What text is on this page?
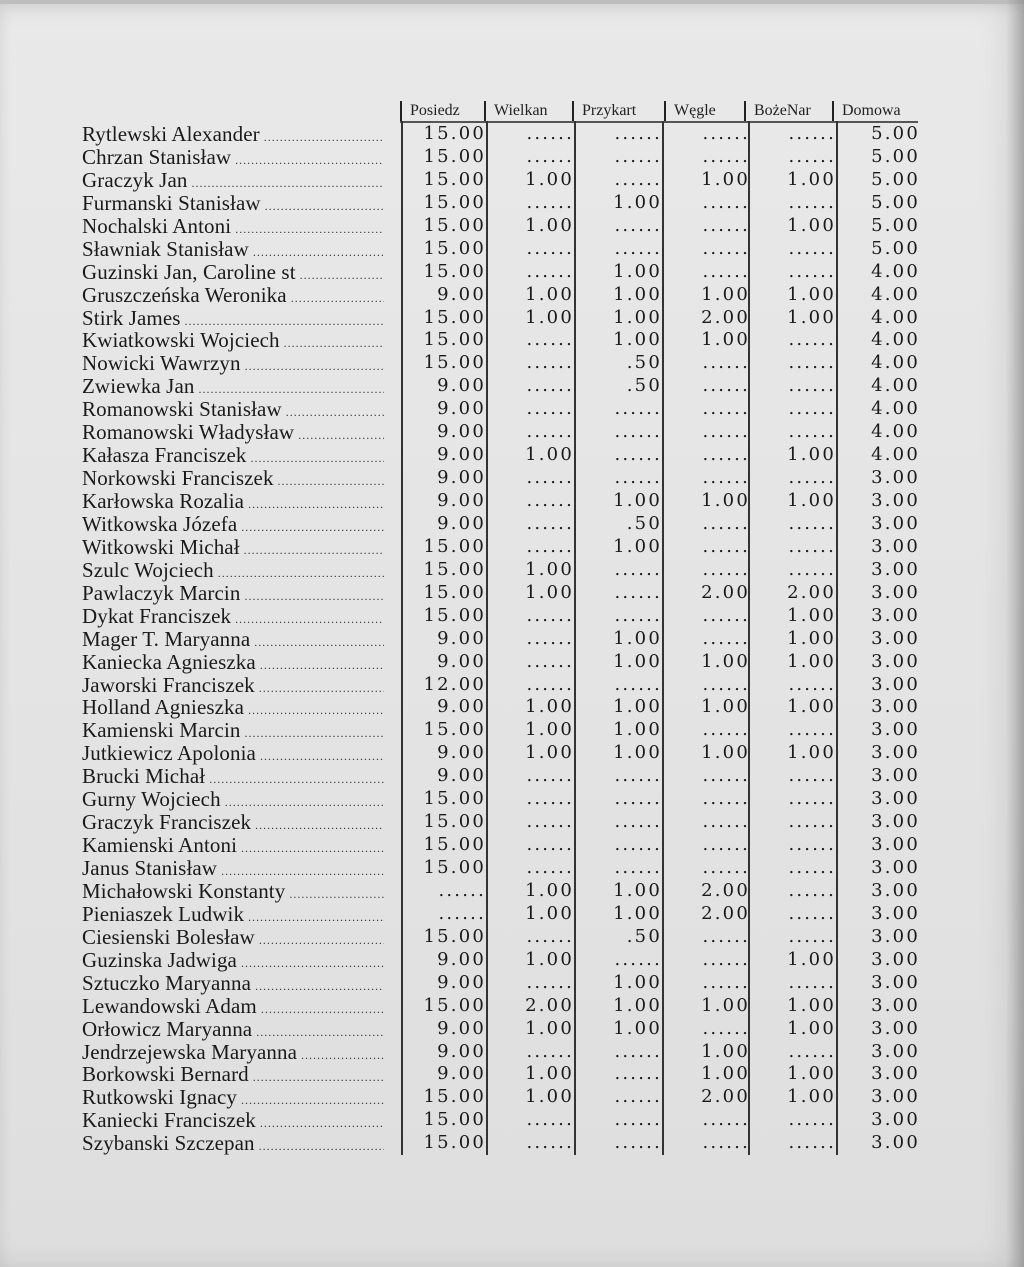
Posiedz	Wielkan	Przykart	Węgle	BożeNar	Domowa
Rytlewski Alexander .....	15.00	......	......	......	......	5.00
Chrzan Stanisław .....	15.00	......	......	......	......	5.00
Graczyk Jan .....	15.00	1.00	......	1.00	1.00	5.00
Furmanski Stanisław .....	15.00	......	1.00	......	......	5.00
Nochalski Antoni .....	15.00	1.00	......	......	1.00	5.00
Sławniak Stanisław .....	15.00	......	......	......	......	5.00
Guzinski Jan, Caroline st .....	15.00	......	1.00	......	......	4.00
Gruszczeńska Weronika .....	9.00	1.00	1.00	1.00	1.00	4.00
Stirk James .....	15.00	1.00	1.00	2.00	1.00	4.00
Kwiatkowski Wojciech .....	15.00	......	1.00	1.00	......	4.00
Nowicki Wawrzyn .....	15.00	......	.50	......	......	4.00
Zwiewka Jan .....	9.00	......	.50	......	......	4.00
Romanowski Stanisław .....	9.00	......	......	......	......	4.00
Romanowski Władysław .....	9.00	......	......	......	......	4.00
Kałasza Franciszek .....	9.00	1.00	......	......	1.00	4.00
Norkowski Franciszek .....	9.00	......	......	......	......	3.00
Karłowska Rozalia .....	9.00	......	1.00	1.00	1.00	3.00
Witkowska Józefa .....	9.00	......	.50	......	......	3.00
Witkowski Michał .....	15.00	......	1.00	......	......	3.00
Szulc Wojciech .....	15.00	1.00	......	......	......	3.00
Pawlaczyk Marcin .....	15.00	1.00	......	2.00	2.00	3.00
Dykat Franciszek .....	15.00	......	......	......	1.00	3.00
Mager T. Maryanna .....	9.00	......	1.00	......	1.00	3.00
Kaniecka Agnieszka .....	9.00	......	1.00	1.00	1.00	3.00
Jaworski Franciszek .....	12.00	......	......	......	......	3.00
Holland Agnieszka .....	9.00	1.00	1.00	1.00	1.00	3.00
Kamienski Marcin .....	15.00	1.00	1.00	......	......	3.00
Jutkiewicz Apolonia .....	9.00	1.00	1.00	1.00	1.00	3.00
Brucki Michał .....	9.00	......	......	......	......	3.00
Gurny Wojciech .....	15.00	......	......	......	......	3.00
Graczyk Franciszek .....	15.00	......	......	......	......	3.00
Kamienski Antoni .....	15.00	......	......	......	......	3.00
Janus Stanisław .....	15.00	......	......	......	......	3.00
Michałowski Konstanty .....	......	1.00	1.00	2.00	......	3.00
Pieniaszek Ludwik .....	......	1.00	1.00	2.00	......	3.00
Ciesienski Bolesław .....	15.00	......	.50	......	......	3.00
Guzinska Jadwiga .....	9.00	1.00	......	......	1.00	3.00
Sztuczko Maryanna .....	9.00	......	1.00	......	......	3.00
Lewandowski Adam .....	15.00	2.00	1.00	1.00	1.00	3.00
Orłowicz Maryanna .....	9.00	1.00	1.00	......	1.00	3.00
Jendrzejewska Maryanna .....	9.00	......	......	1.00	......	3.00
Borkowski Bernard .....	9.00	1.00	......	1.00	1.00	3.00
Rutkowski Ignacy .....	15.00	1.00	......	2.00	1.00	3.00
Kaniecki Franciszek .....	15.00	......	......	......	......	3.00
Szybanski Szczepan .....	15.00	......	......	......	......	3.00
